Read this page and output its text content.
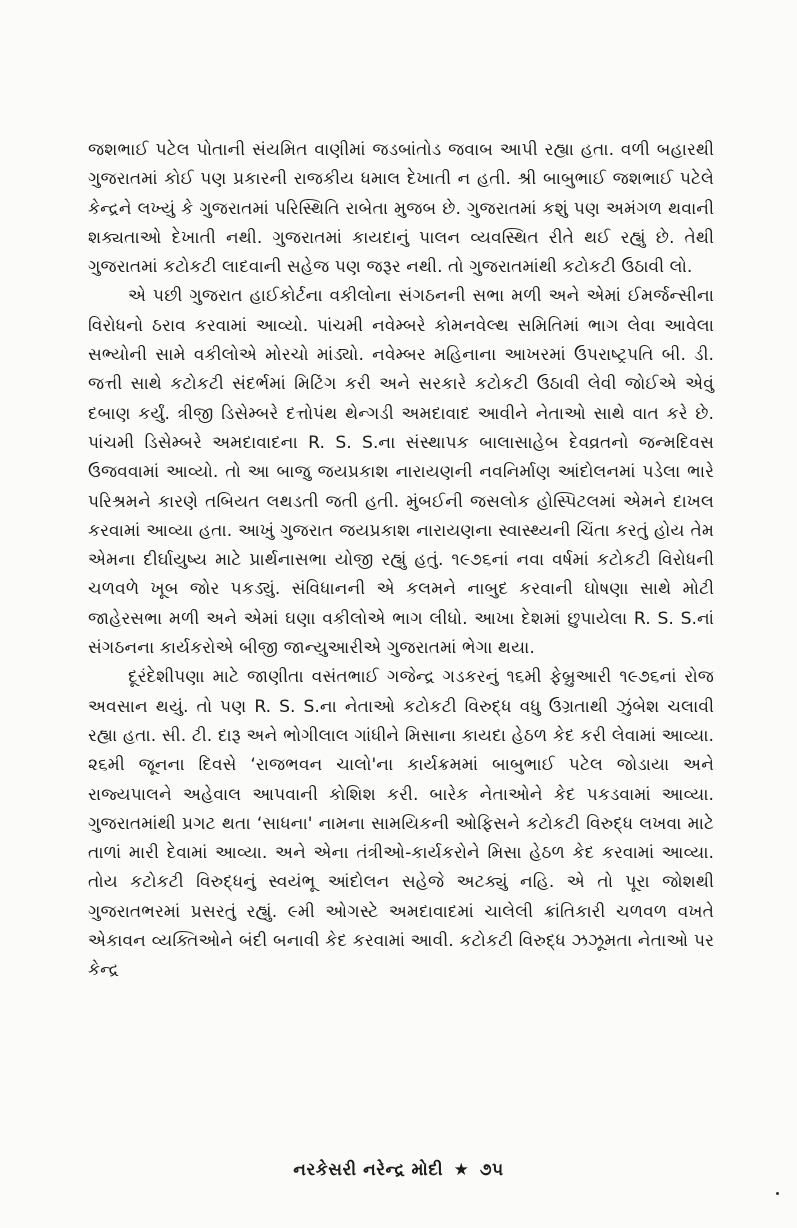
જશભાઈ પટેલ પોતાની સંયમિત વાણીમાં જડબાંતોડ જવાબ આપી રહ્યા હતા. વળી બહારથી ગુજરાતમાં કોઈ પણ પ્રકારની રાજકીય ધમાલ દેખાતી ન હતી. શ્રી બાબુભાઈ જશભાઈ પટેલે કેન્દ્રને લખ્યું કે ગુજરાતમાં પરિસ્થિતિ રાબેતા મુજબ છે. ગુજરાતમાં કશું પણ અમંગળ થવાની શક્યતાઓ દેખાતી નથી. ગુજરાતમાં કાયદાનું પાલન વ્યવસ્થિત રીતે થઈ રહ્યું છે. તેથી ગુજરાતમાં કટોકટી લાદવાની સહેજ પણ જરૂર નથી. તો ગુજરાતમાંથી કટોકટી ઉઠાવી લો.

એ પછી ગુજરાત હાઈકોર્ટના વકીલોના સંગઠનની સભા મળી અને એમાં ઈમર્જન્સીના વિરોધનો ઠરાવ કરવામાં આવ્યો. પાંચમી નવેમ્બરે કોમનવેલ્થ સમિતિમાં ભાગ લેવા આવેલા સભ્યોની સામે વકીલોએ મોરચો માંડ્યો. નવેમ્બર મહિનાના આખરમાં ઉપરાષ્ટ્રપતિ બી. ડી. જત્તી સાથે કટોકટી સંદર્ભમાં મિટિંગ કરી અને સરકારે કટોકટી ઉઠાવી લેવી જોઈએ એવું દબાણ કર્યું. ત્રીજી ડિસેમ્બરે દત્તોપંથ થેન્ગડી અમદાવાદ આવીને નેતાઓ સાથે વાત કરે છે. પાંચમી ડિસેમ્બરે અમદાવાદના R. S. S.ના સંસ્થાપક બાલાસાહેબ દેવવ્રતનો જન્મદિવસ ઉજવવામાં આવ્યો. તો આ બાજુ જયપ્રકાશ નારાયણની નવનિર્માણ આંદોલનમાં પડેલા ભારે પરિશ્રમને કારણે તબિયત લથડતી જતી હતી. મુંબઈની જસલોક હોસ્પિટલમાં એમને દાખલ કરવામાં આવ્યા હતા. આખું ગુજરાત જયપ્રકાશ નારાયણના સ્વાસ્થ્યની ચિંતા કરતું હોય તેમ એમના દીર્ઘાયુષ્ય માટે પ્રાર્થનાસભા યોજી રહ્યું હતું. ૧૯૭૬નાં નવા વર્ષમાં કટોકટી વિરોધની ચળવળે ખૂબ જોર પકડ્યું. સંવિધાનની એ કલમને નાબુદ કરવાની ઘોષણા સાથે મોટી જાહેરસભા મળી અને એમાં ઘણા વકીલોએ ભાગ લીધો. આખા દેશમાં છુપાયેલા R. S. S.નાં સંગઠનના કાર્યકરોએ બીજી જાન્યુઆરીએ ગુજરાતમાં ભેગા થયા.

દૂરંદેશીપણા માટે જાણીતા વસંતભાઈ ગજેન્દ્ર ગડકરનું ૧૬મી ફેબ્રુઆરી ૧૯૭૬નાં રોજ અવસાન થયું. તો પણ R. S. S.ના નેતાઓ કટોકટી વિરુદ્ધ વધુ ઉગ્રતાથી ઝુંબેશ ચલાવી રહ્યા હતા. સી. ટી. દારૂ અને ભોગીલાલ ગાંધીને મિસાના કાયદા હેઠળ કેદ કરી લેવામાં આવ્યા. ૨૬મી જૂનના દિવસે ‘રાજભવન ચાલો'ના કાર્યક્રમમાં બાબુભાઈ પટેલ જોડાયા અને રાજ્યપાલને અહેવાલ આપવાની કોશિશ કરી. બારેક નેતાઓને કેદ પકડવામાં આવ્યા. ગુજરાતમાંથી પ્રગટ થતા ‘સાધના' નામના સામયિકની ઓફિસને કટોકટી વિરુદ્ધ લખવા માટે તાળાં મારી દેવામાં આવ્યા. અને એના તંત્રીઓ-કાર્યકરોને મિસા હેઠળ કેદ કરવામાં આવ્યા. તોય કટોકટી વિરુદ્ધનું સ્વયંભૂ આંદોલન સહેજે અટક્યું નહિ. એ તો પૂરા જોશથી ગુજરાતભરમાં પ્રસરતું રહ્યું. ૯મી ઓગસ્ટે અમદાવાદમાં ચાલેલી ક્રાંતિકારી ચળવળ વખતે એકાવન વ્યક્તિઓને બંદી બનાવી કેદ કરવામાં આવી. કટોકટી વિરુદ્ધ ઝઝૂમતા નેતાઓ પર કેન્દ્ર

નરકેસરી નરેન્દ્ર મોદી ★ ૭૫
